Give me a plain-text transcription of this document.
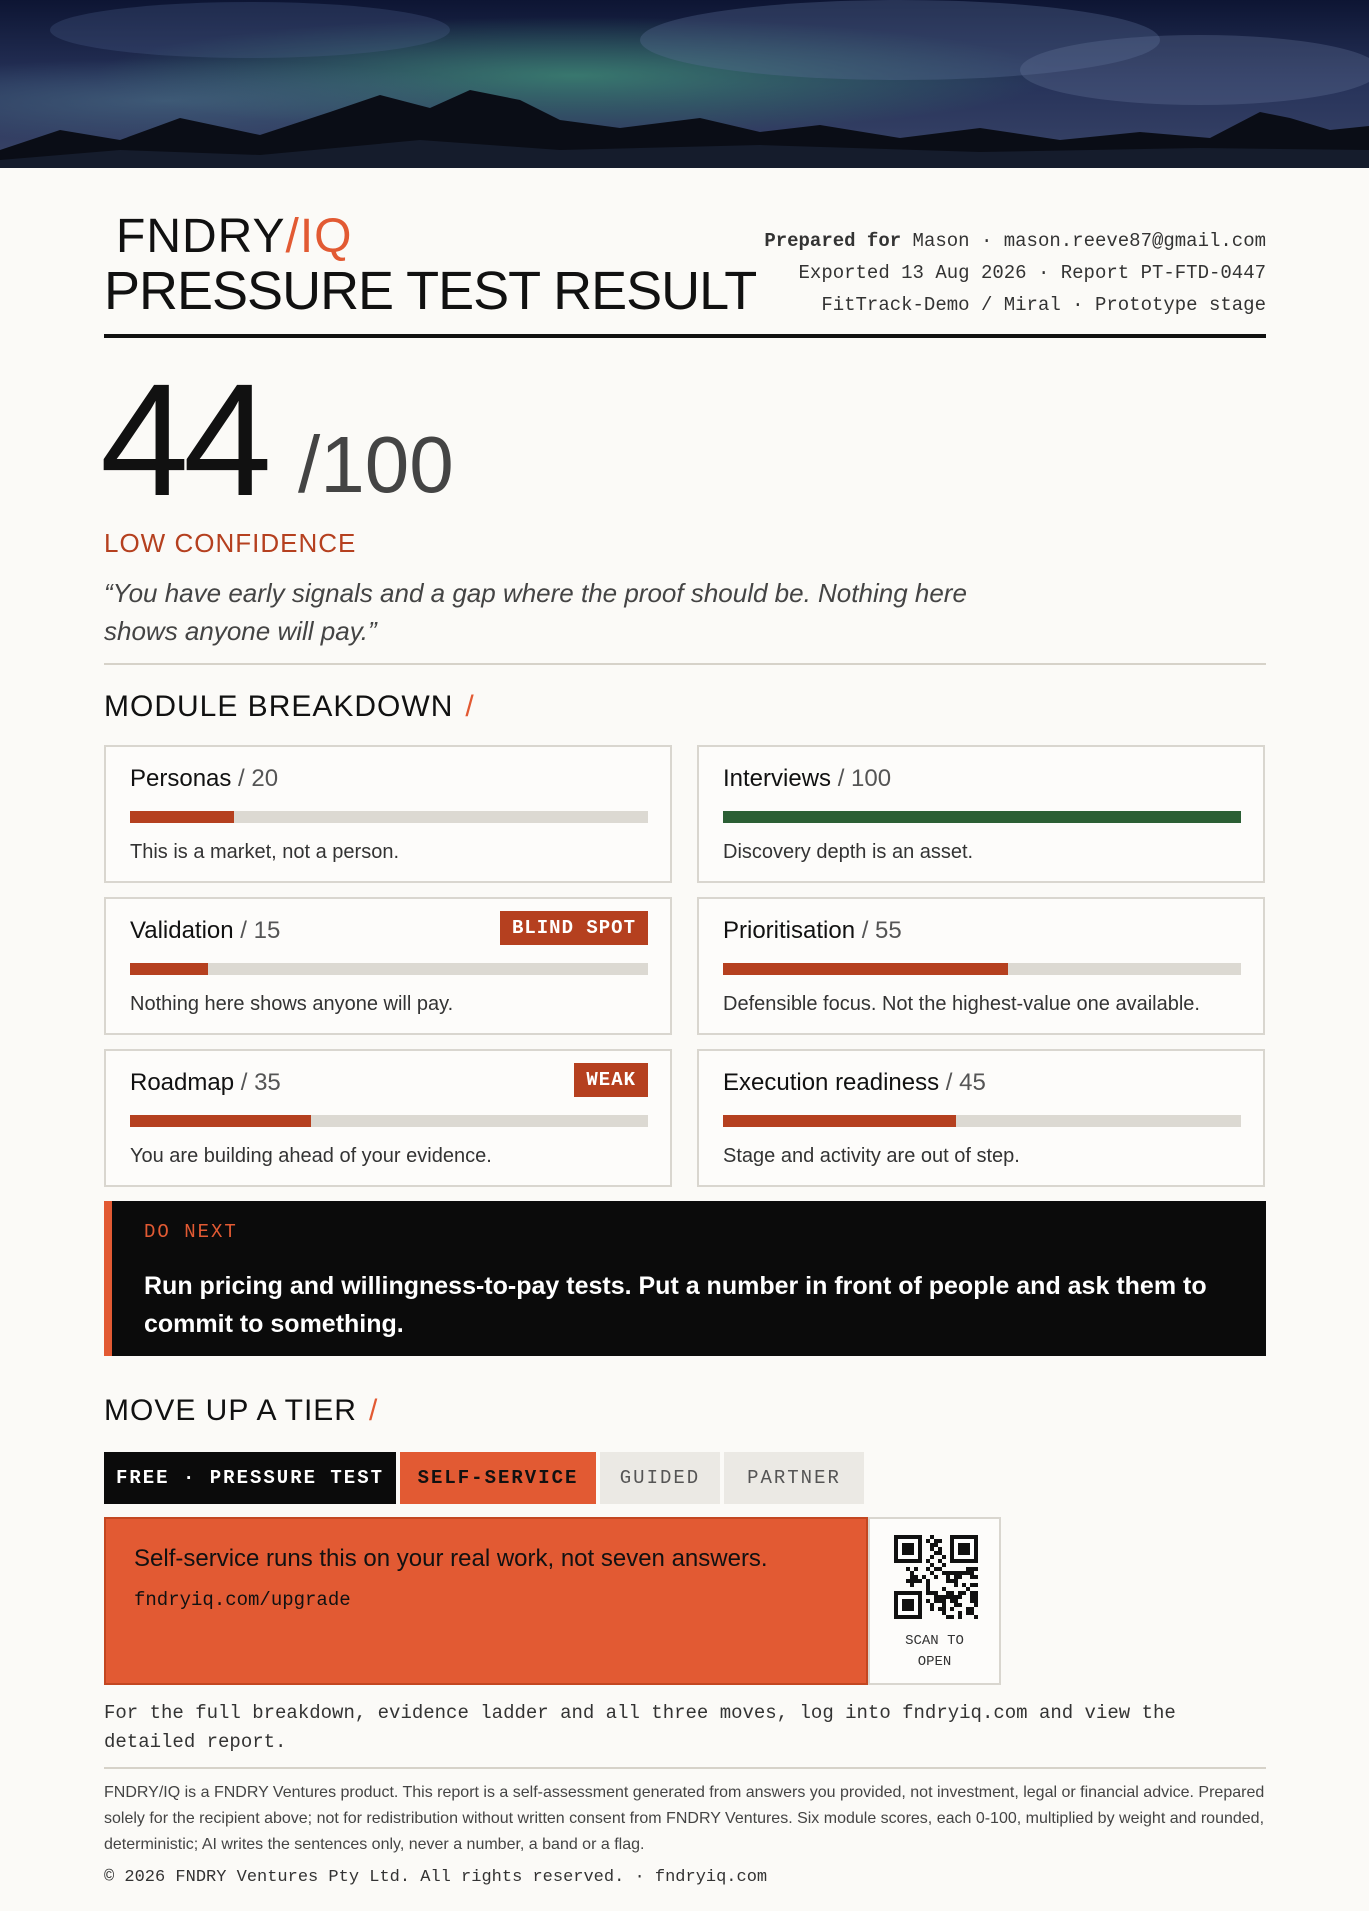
FNDRY/IQ
PRESSURE TEST RESULT
Prepared for Mason · mason.reeve87@gmail.com
Exported 13 Aug 2026 · Report PT-FTD-0447
FitTrack-Demo / Miral · Prototype stage
44 /100
LOW CONFIDENCE
“You have early signals and a gap where the proof should be. Nothing here shows anyone will pay.”
MODULE BREAKDOWN /
Personas / 20
This is a market, not a person.
Interviews / 100
Discovery depth is an asset.
Validation / 15
Nothing here shows anyone will pay.
BLIND SPOT	Prioritisation / 55
Defensible focus. Not the highest-value one available.
Roadmap / 35
You are building ahead of your evidence.
WEAK	Execution readiness / 45
Stage and activity are out of step.
DO NEXT
Run pricing and willingness-to-pay tests. Put a number in front of people and ask them to commit to something.
MOVE UP A TIER /
FREE · PRESSURE TEST	SELF-SERVICE	GUIDED	PARTNER
Self-service runs this on your real work, not seven answers.
fndryiq.com/upgrade
SCAN TO
OPEN
For the full breakdown, evidence ladder and all three moves, log into fndryiq.com and view the detailed report.
FNDRY/IQ is a FNDRY Ventures product. This report is a self-assessment generated from answers you provided, not investment, legal or financial advice. Prepared solely for the recipient above; not for redistribution without written consent from FNDRY Ventures. Six module scores, each 0-100, multiplied by weight and rounded, deterministic; AI writes the sentences only, never a number, a band or a flag.
© 2026 FNDRY Ventures Pty Ltd. All rights reserved. · fndryiq.com
